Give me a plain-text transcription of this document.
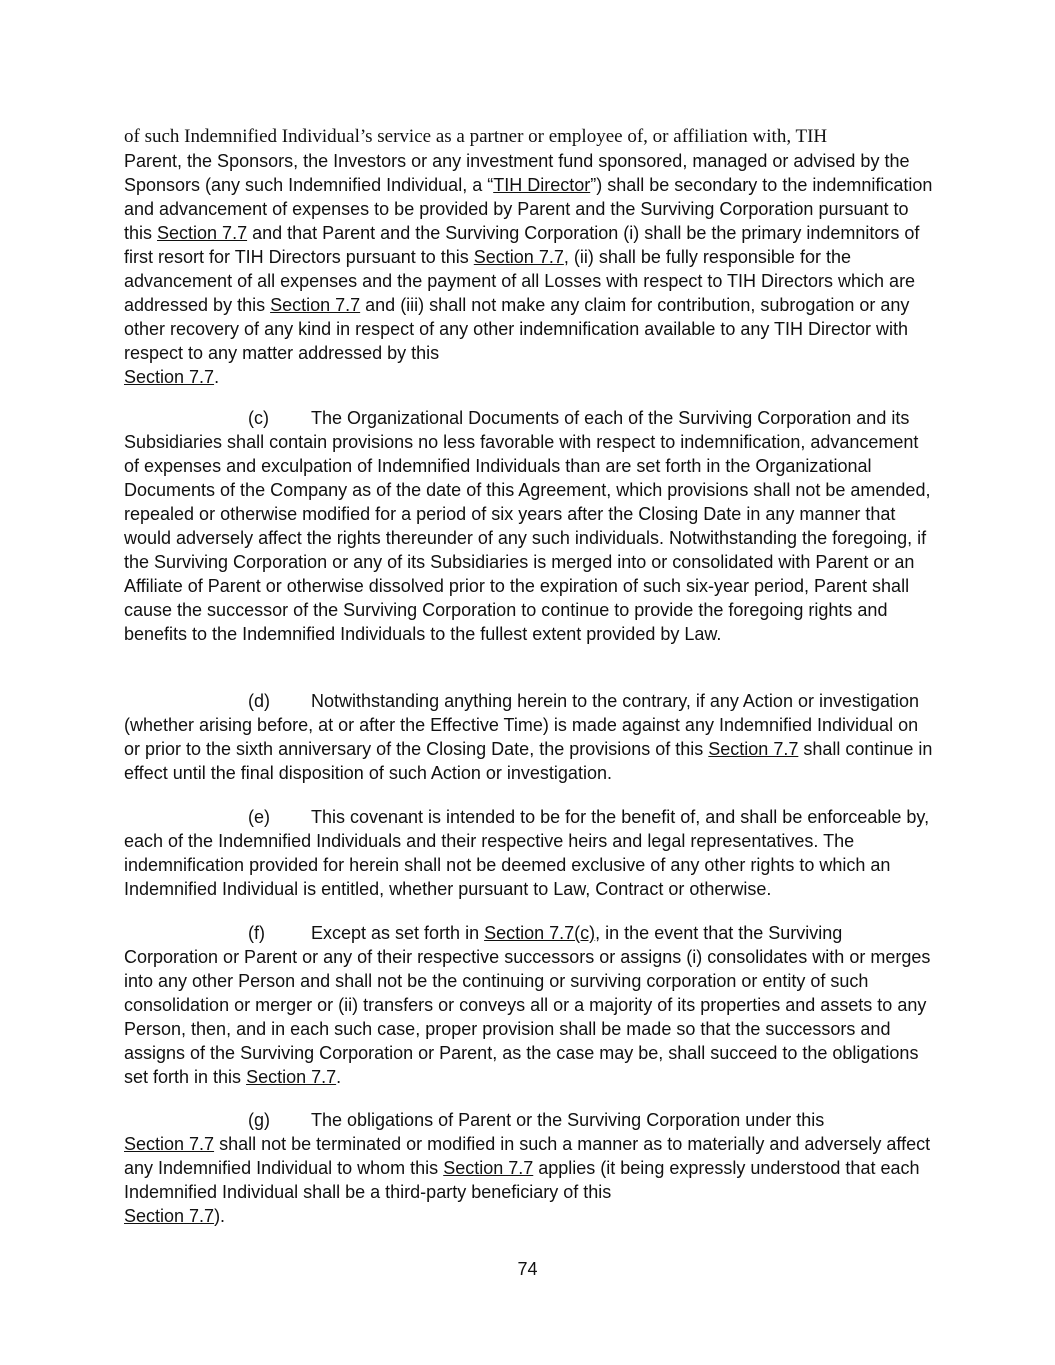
of such Indemnified Individual’s service as a partner or employee of, or affiliation with, TIH
Parent, the Sponsors, the Investors or any investment fund sponsored, managed or advised by the Sponsors (any such Indemnified Individual, a “TIH Director”) shall be secondary to the indemnification and advancement of expenses to be provided by Parent and the Surviving Corporation pursuant to this Section 7.7 and that Parent and the Surviving Corporation (i) shall be the primary indemnitors of first resort for TIH Directors pursuant to this Section 7.7, (ii) shall be fully responsible for the advancement of all expenses and the payment of all Losses with respect to TIH Directors which are addressed by this Section 7.7 and (iii) shall not make any claim for contribution, subrogation or any other recovery of any kind in respect of any other indemnification available to any TIH Director with respect to any matter addressed by this
Section 7.7.

(c) The Organizational Documents of each of the Surviving Corporation and its Subsidiaries shall contain provisions no less favorable with respect to indemnification, advancement of expenses and exculpation of Indemnified Individuals than are set forth in the Organizational Documents of the Company as of the date of this Agreement, which provisions shall not be amended, repealed or otherwise modified for a period of six years after the Closing Date in any manner that would adversely affect the rights thereunder of any such individuals. Notwithstanding the foregoing, if the Surviving Corporation or any of its Subsidiaries is merged into or consolidated with Parent or an Affiliate of Parent or otherwise dissolved prior to the expiration of such six-year period, Parent shall cause the successor of the Surviving Corporation to continue to provide the foregoing rights and benefits to the Indemnified Individuals to the fullest extent provided by Law.

(d) Notwithstanding anything herein to the contrary, if any Action or investigation (whether arising before, at or after the Effective Time) is made against any Indemnified Individual on or prior to the sixth anniversary of the Closing Date, the provisions of this Section 7.7 shall continue in effect until the final disposition of such Action or investigation.

(e) This covenant is intended to be for the benefit of, and shall be enforceable by, each of the Indemnified Individuals and their respective heirs and legal representatives. The indemnification provided for herein shall not be deemed exclusive of any other rights to which an Indemnified Individual is entitled, whether pursuant to Law, Contract or otherwise.

(f)	Except as set forth in Section 7.7(c), in the event that the Surviving Corporation or Parent or any of their respective successors or assigns (i) consolidates with or merges into any other Person and shall not be the continuing or surviving corporation or entity of such consolidation or merger or (ii) transfers or conveys all or a majority of its properties and assets to any Person, then, and in each such case, proper provision shall be made so that the successors and assigns of the Surviving Corporation or Parent, as the case may be, shall succeed to the obligations set forth in this Section 7.7.

(g) The obligations of Parent or the Surviving Corporation under this
Section 7.7 shall not be terminated or modified in such a manner as to materially and adversely affect any Indemnified Individual to whom this Section 7.7 applies (it being expressly understood that each Indemnified Individual shall be a third-party beneficiary of this
Section 7.7).

74
